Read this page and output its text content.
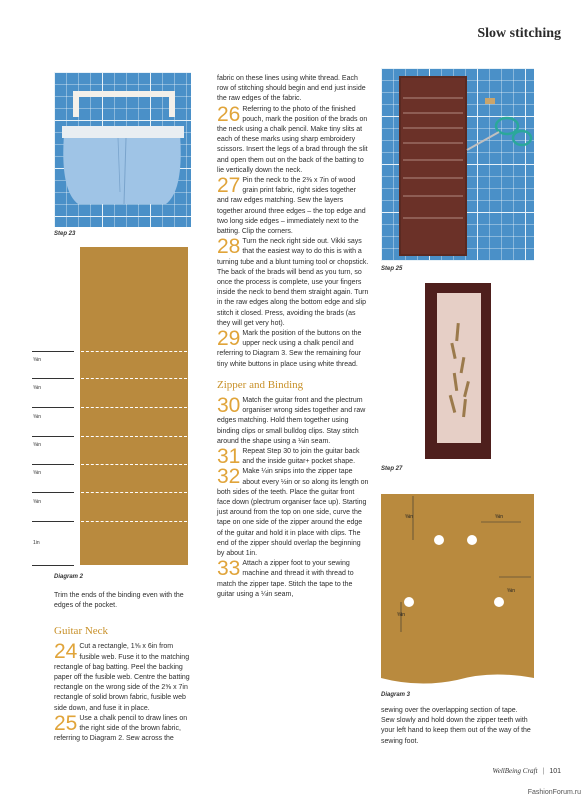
Slow stitching
Step 23
⅝in
⅝in
⅝in
⅝in
⅝in
⅝in
1in
Diagram 2

Trim the ends of the binding even with the edges of the pocket.

Guitar Neck

24 Cut a rectangle, 1⅝ x 6in from fusible web. Fuse it to the matching rectangle of bag batting. Peel the backing paper off the fusible web. Centre the batting rectangle on the wrong side of the 2⅝ x 7in rectangle of solid brown fabric, fusible web side down, and fuse it in place.

25 Use a chalk pencil to draw lines on the right side of the brown fabric, referring to Diagram 2. Sew across the

fabric on these lines using white thread. Each row of stitching should begin and end just inside the raw edges of the fabric.

26 Referring to the photo of the finished pouch, mark the position of the brads on the neck using a chalk pencil. Make tiny slits at each of these marks using sharp embroidery scissors. Insert the legs of a brad through the slit and open them out on the back of the batting to lie vertically down the neck.

27 Pin the neck to the 2⅜ x 7in of wood grain print fabric, right sides together and raw edges matching. Sew the layers together around three edges – the top edge and two long side edges – immediately next to the batting. Clip the corners.

28 Turn the neck right side out. Vikki says that the easiest way to do this is with a turning tube and a blunt turning tool or chopstick. The back of the brads will bend as you turn, so once the process is complete, use your fingers inside the neck to bend them straight again. Turn in the raw edges along the bottom edge and slip stitch it closed. Press, avoiding the brads (as they will get very hot).

29 Mark the position of the buttons on the upper neck using a chalk pencil and referring to Diagram 3. Sew the remaining four tiny white buttons in place using white thread.

Zipper and Binding

30 Match the guitar front and the plectrum organiser wrong sides together and raw edges matching. Hold them together using binding clips or small bulldog clips. Stay stitch around the shape using a ⅛in seam.

31 Repeat Step 30 to join the guitar back and the inside guitar+ pocket shape.

32 Make ¼in snips into the zipper tape about every ½in or so along its length on both sides of the teeth. Place the guitar front face down (plectrum organiser face up). Starting just around from the top on one side, curve the tape on one side of the zipper around the edge of the guitar and hold it in place with clips. The end of the zipper should overlap the beginning by about 1in.

33 Attach a zipper foot to your sewing machine and thread it with thread to match the zipper tape. Stitch the tape to the guitar using a ¼in seam,

Step 25
Step 27
⅝in	⅝in
⅝in
⅝in
Diagram 3

sewing over the overlapping section of tape. Sew slowly and hold down the zipper teeth with your left hand to keep them out of the way of the sewing foot.

WellBeing Craft | 101
FashionForum.ru
